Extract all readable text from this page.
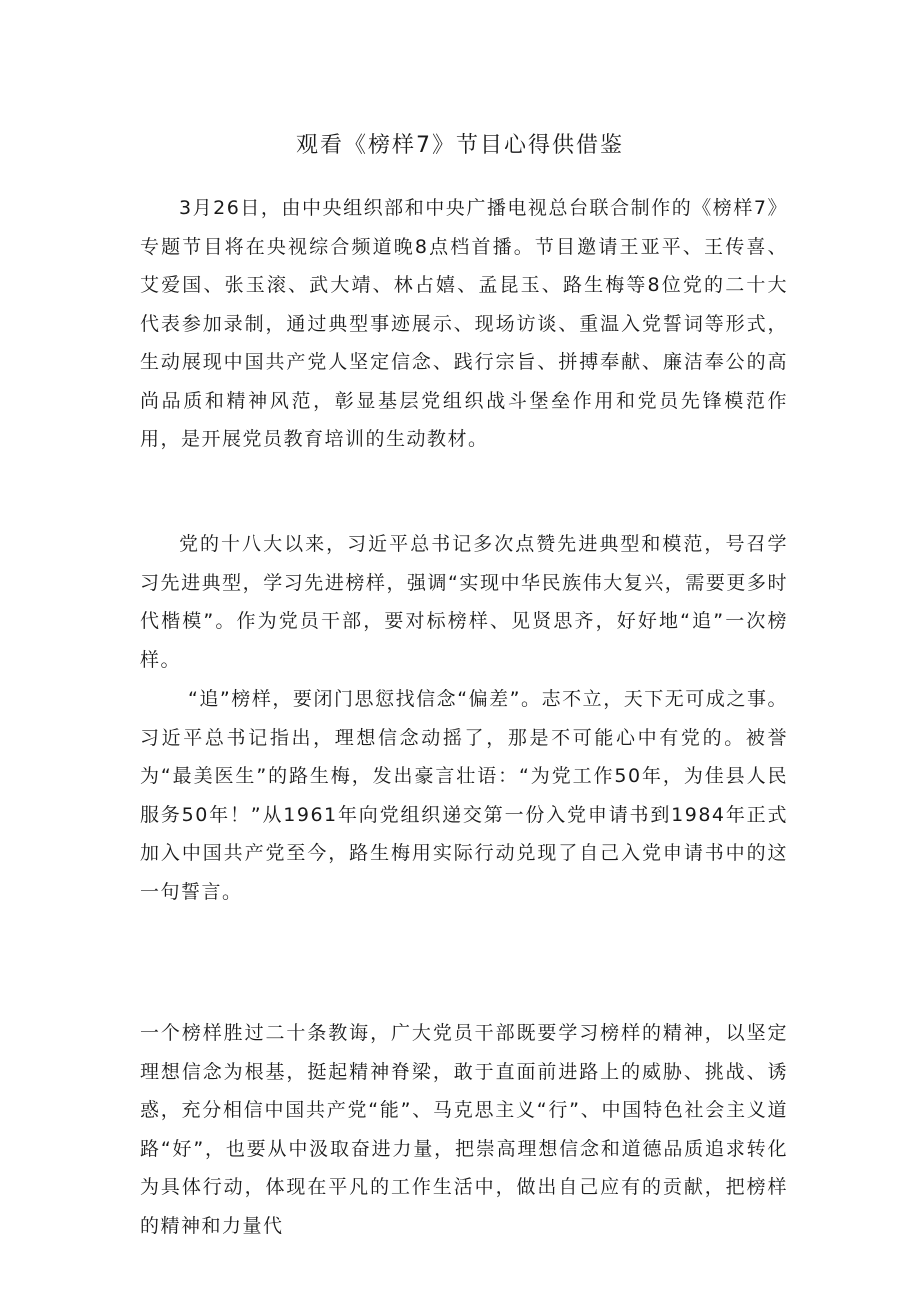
观看《榜样7》节目心得供借鉴

3月26日，由中央组织部和中央广播电视总台联合制作的《榜样7》专题节目将在央视综合频道晚8点档首播。节目邀请王亚平、王传喜、艾爱国、张玉滚、武大靖、林占嬉、孟昆玉、路生梅等8位党的二十大代表参加录制，通过典型事迹展示、现场访谈、重温入党誓词等形式，生动展现中国共产党人坚定信念、践行宗旨、拼搏奉献、廉洁奉公的高尚品质和精神风范，彰显基层党组织战斗堡垒作用和党员先锋模范作用，是开展党员教育培训的生动教材。

党的十八大以来，习近平总书记多次点赞先进典型和模范，号召学习先进典型，学习先进榜样，强调“实现中华民族伟大复兴，需要更多时代楷模”。作为党员干部，要对标榜样、见贤思齐，好好地“追”一次榜样。

“追”榜样，要闭门思愆找信念“偏差”。志不立，天下无可成之事。习近平总书记指出，理想信念动摇了，那是不可能心中有党的。被誉为“最美医生”的路生梅，发出豪言壮语：“为党工作50年，为佳县人民服务50年！”从1961年向党组织递交第一份入党申请书到1984年正式加入中国共产党至今，路生梅用实际行动兑现了自己入党申请书中的这一句誓言。

一个榜样胜过二十条教诲，广大党员干部既要学习榜样的精神，以坚定理想信念为根基，挺起精神脊梁，敢于直面前进路上的威胁、挑战、诱惑，充分相信中国共产党“能”、马克思主义“行”、中国特色社会主义道路“好”，也要从中汲取奋进力量，把崇高理想信念和道德品质追求转化为具体行动，体现在平凡的工作生活中，做出自己应有的贡献，把榜样的精神和力量代
